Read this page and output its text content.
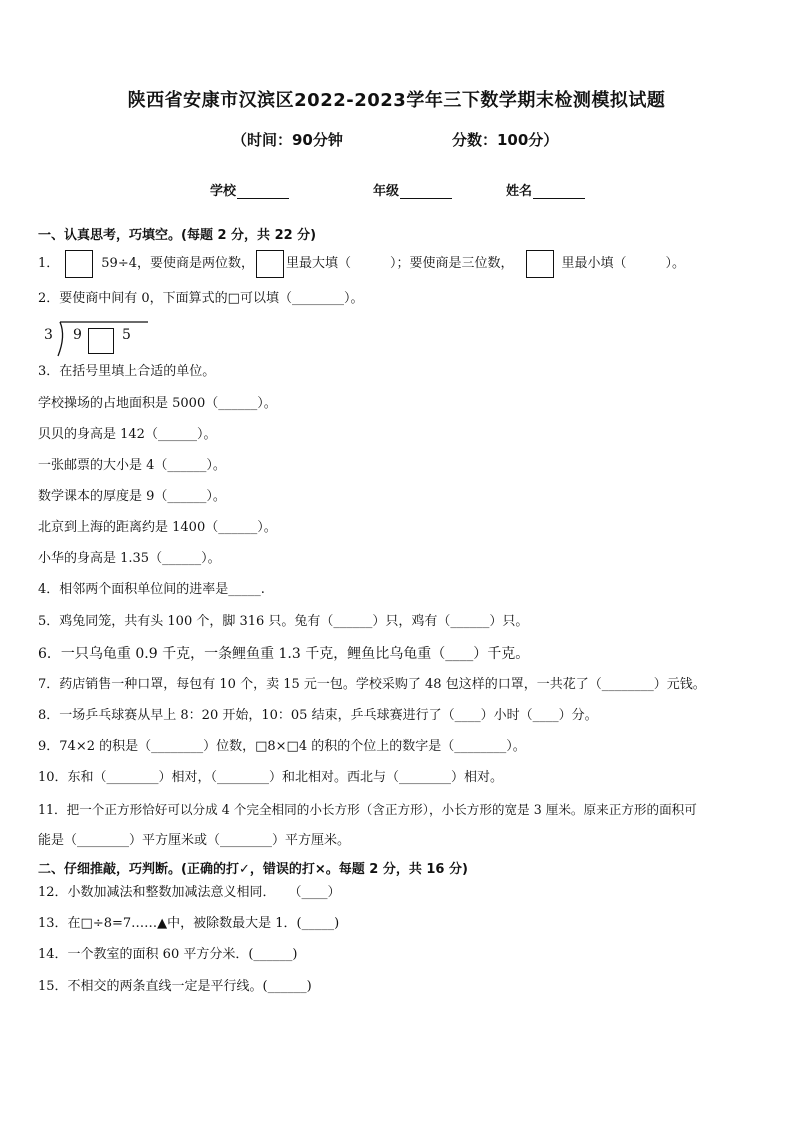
陕西省安康市汉滨区2022-2023学年三下数学期末检测模拟试题
（时间：90分钟	分数：100分）
学校	年级	姓名
一、认真思考，巧填空。(每题 2 分，共 22 分)
1．	59÷4，要使商是两位数， 里最大填（　　　）；要使商是三位数，	里最小填（　　　）。
2．要使商中间有 0，下面算式的□可以填（________）。
3 9	5
3．在括号里填上合适的单位。
学校操场的占地面积是 5000（______）。
贝贝的身高是 142（______）。
一张邮票的大小是 4（______）。
数学课本的厚度是 9（______）。
北京到上海的距离约是 1400（______）。
小华的身高是 1.35（______）。
4．相邻两个面积单位间的进率是_____.
5．鸡兔同笼，共有头 100 个，脚 316 只。兔有（______）只，鸡有（______）只。
6．一只乌龟重 0.9 千克，一条鲤鱼重 1.3 千克，鲤鱼比乌龟重（____）千克。
7．药店销售一种口罩，每包有 10 个，卖 15 元一包。学校采购了 48 包这样的口罩，一共花了（________）元钱。
8．一场乒乓球赛从早上 8：20 开始，10：05 结束，乒乓球赛进行了（____）小时（____）分。
9．74×2 的积是（________）位数，□8×□4 的积的个位上的数字是（________）。
10．东和（________）相对，（________）和北相对。西北与（________）相对。
11．把一个正方形恰好可以分成 4 个完全相同的小长方形（含正方形），小长方形的宽是 3 厘米。原来正方形的面积可
能是（________）平方厘米或（________）平方厘米。
二、仔细推敲，巧判断。(正确的打✓，错误的打×。每题 2 分，共 16 分)
12．小数加减法和整数加减法意义相同．　　（____）
13．在□÷8=7……▲中，被除数最大是 1．(_____)
14．一个教室的面积 60 平方分米．(______)
15．不相交的两条直线一定是平行线。(______)
